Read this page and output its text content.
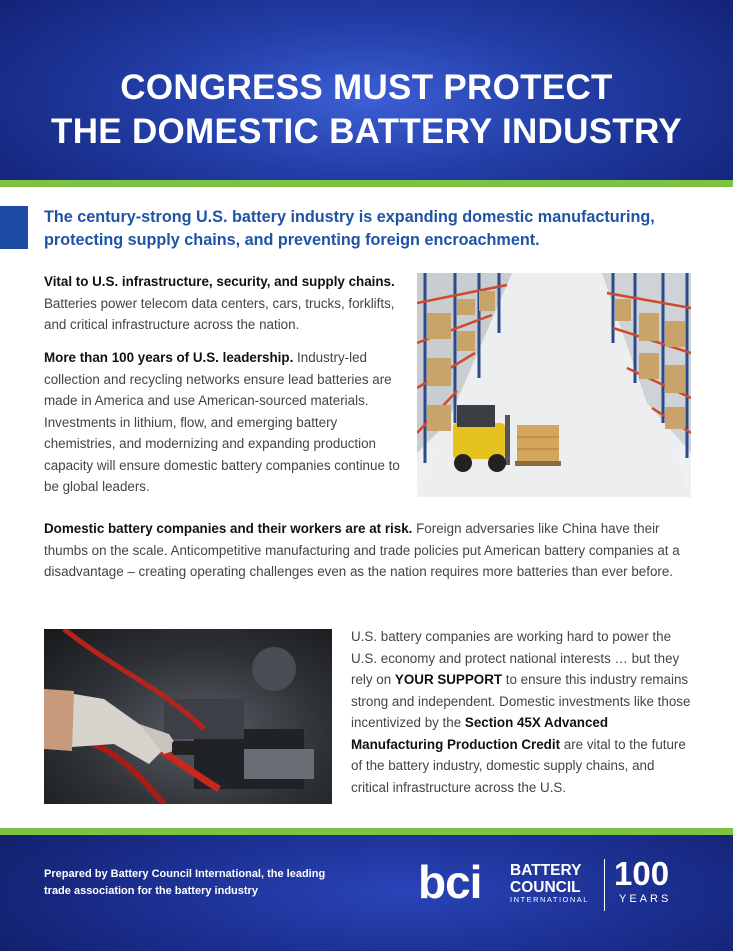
CONGRESS MUST PROTECT
THE DOMESTIC BATTERY INDUSTRY
The century-strong U.S. battery industry is expanding domestic manufacturing, protecting supply chains, and preventing foreign encroachment.
Vital to U.S. infrastructure, security, and supply chains. Batteries power telecom data centers, cars, trucks, forklifts, and critical infrastructure across the nation.
More than 100 years of U.S. leadership. Industry-led collection and recycling networks ensure lead batteries are made in America and use American-sourced materials. Investments in lithium, flow, and emerging battery chemistries, and modernizing and expanding production capacity will ensure domestic battery companies continue to be global leaders.
Domestic battery companies and their workers are at risk. Foreign adversaries like China have their thumbs on the scale. Anticompetitive manufacturing and trade policies put American battery companies at a disadvantage – creating operating challenges even as the nation requires more batteries than ever before.
U.S. battery companies are working hard to power the U.S. economy and protect national interests … but they rely on YOUR SUPPORT to ensure this industry remains strong and independent. Domestic investments like those incentivized by the Section 45X Advanced Manufacturing Production Credit are vital to the future of the battery industry, domestic supply chains, and critical infrastructure across the U.S.
Prepared by Battery Council International, the leading trade association for the battery industry	bci BATTERY
COUNCIL
INTERNATIONAL
100
YEARS
